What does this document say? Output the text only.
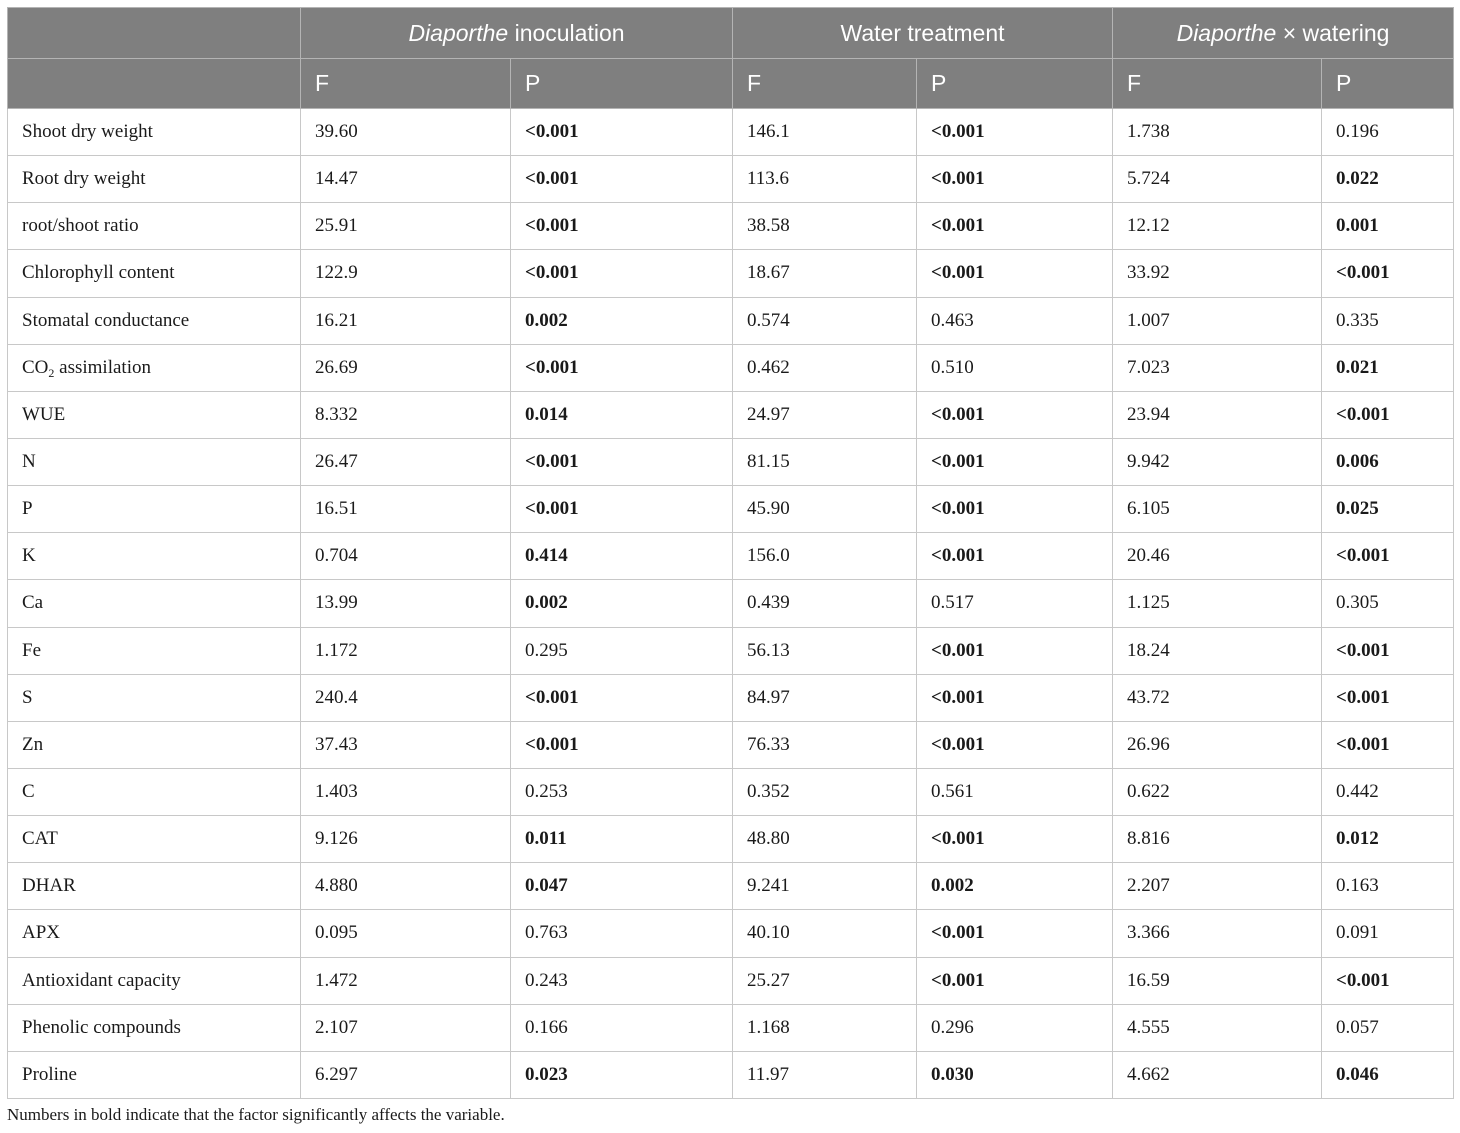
	Diaporthe inoculation		Water treatment		Diaporthe × watering	
	F	P	F	P	F	P
Shoot dry weight	39.60	<0.001	146.1	<0.001	1.738	0.196
Root dry weight	14.47	<0.001	113.6	<0.001	5.724	0.022
root/shoot ratio	25.91	<0.001	38.58	<0.001	12.12	0.001
Chlorophyll content	122.9	<0.001	18.67	<0.001	33.92	<0.001
Stomatal conductance	16.21	0.002	0.574	0.463	1.007	0.335
$CO_2$ assimilation	26.69	<0.001	0.462	0.510	7.023	0.021
WUE	8.332	0.014	24.97	<0.001	23.94	<0.001
N	26.47	<0.001	81.15	<0.001	9.942	0.006
P	16.51	<0.001	45.90	<0.001	6.105	0.025
K	0.704	0.414	156.0	<0.001	20.46	<0.001
Ca	13.99	0.002	0.439	0.517	1.125	0.305
Fe	1.172	0.295	56.13	<0.001	18.24	<0.001
S	240.4	<0.001	84.97	<0.001	43.72	<0.001
Zn	37.43	<0.001	76.33	<0.001	26.96	<0.001
C	1.403	0.253	0.352	0.561	0.622	0.442
CAT	9.126	0.011	48.80	<0.001	8.816	0.012
DHAR	4.880	0.047	9.241	0.002	2.207	0.163
APX	0.095	0.763	40.10	<0.001	3.366	0.091
Antioxidant capacity	1.472	0.243	25.27	<0.001	16.59	<0.001
Phenolic compounds	2.107	0.166	1.168	0.296	4.555	0.057
Proline	6.297	0.023	11.97	0.030	4.662	0.046
Numbers in bold indicate that the factor significantly affects the variable.
